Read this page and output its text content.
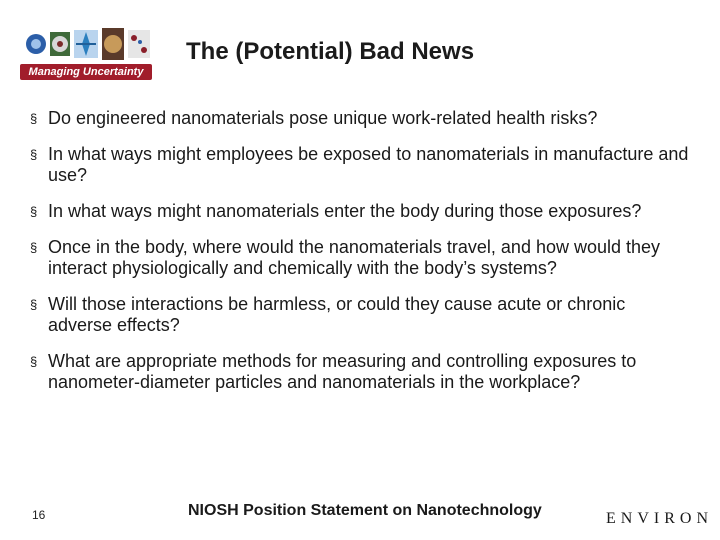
Managing Uncertainty
The (Potential) Bad News
§ Do engineered nanomaterials pose unique work-related health risks?
§ In what ways might employees be exposed to nanomaterials in manufacture and use?
§ In what ways might nanomaterials enter the body during those exposures?
§ Once in the body, where would the nanomaterials travel, and how would they interact physiologically and chemically with the body’s systems?
§ Will those interactions be harmless, or could they cause acute or chronic adverse effects?
§ What are appropriate methods for measuring and controlling exposures to nanometer-diameter particles and nanomaterials in the workplace?
16	NIOSH Position Statement on Nanotechnology	ENVIRON
